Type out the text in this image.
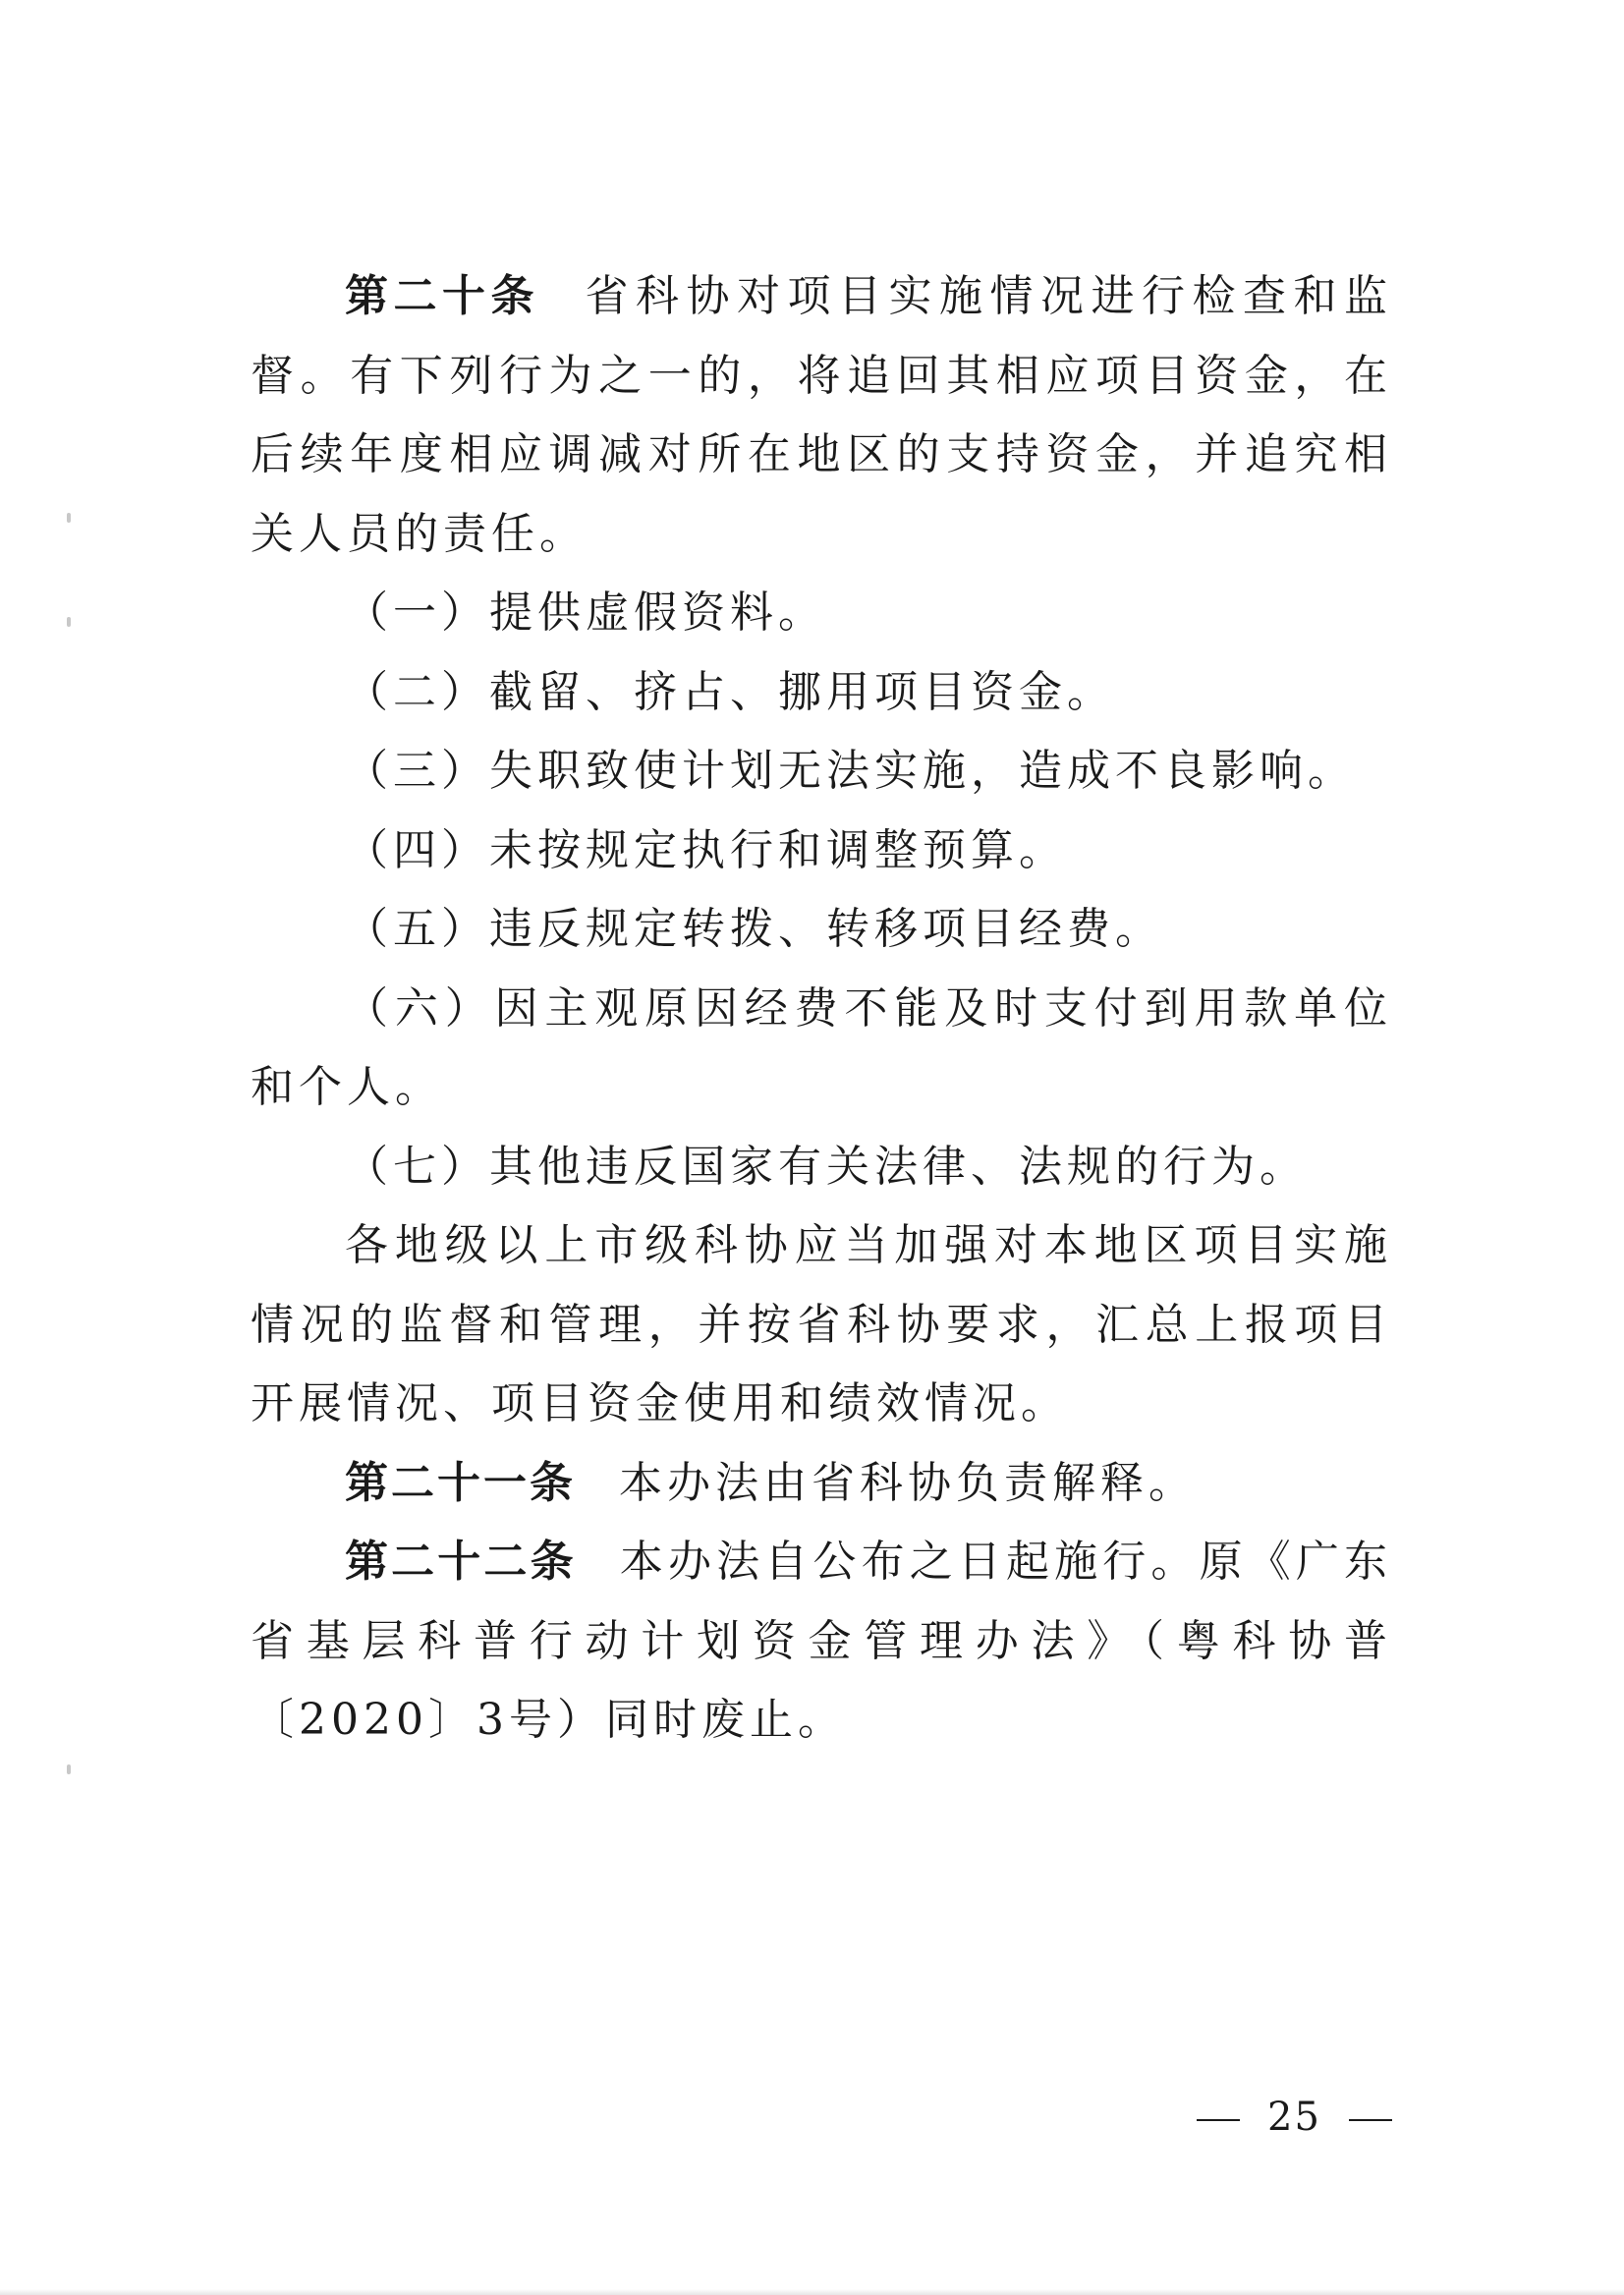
第二十条 省科协对项目实施情况进行检查和监督。有下列行为之一的，将追回其相应项目资金，在后续年度相应调减对所在地区的支持资金，并追究相关人员的责任。

（一）提供虚假资料。

（二）截留、挤占、挪用项目资金。

（三）失职致使计划无法实施，造成不良影响。

（四）未按规定执行和调整预算。

（五）违反规定转拨、转移项目经费。

（六）因主观原因经费不能及时支付到用款单位和个人。

（七）其他违反国家有关法律、法规的行为。

各地级以上市级科协应当加强对本地区项目实施情况的监督和管理，并按省科协要求，汇总上报项目开展情况、项目资金使用和绩效情况。

第二十一条 本办法由省科协负责解释。

第二十二条 本办法自公布之日起施行。原《广东省基层科普行动计划资金管理办法》（粤科协普〔2020〕3号）同时废止。

25
